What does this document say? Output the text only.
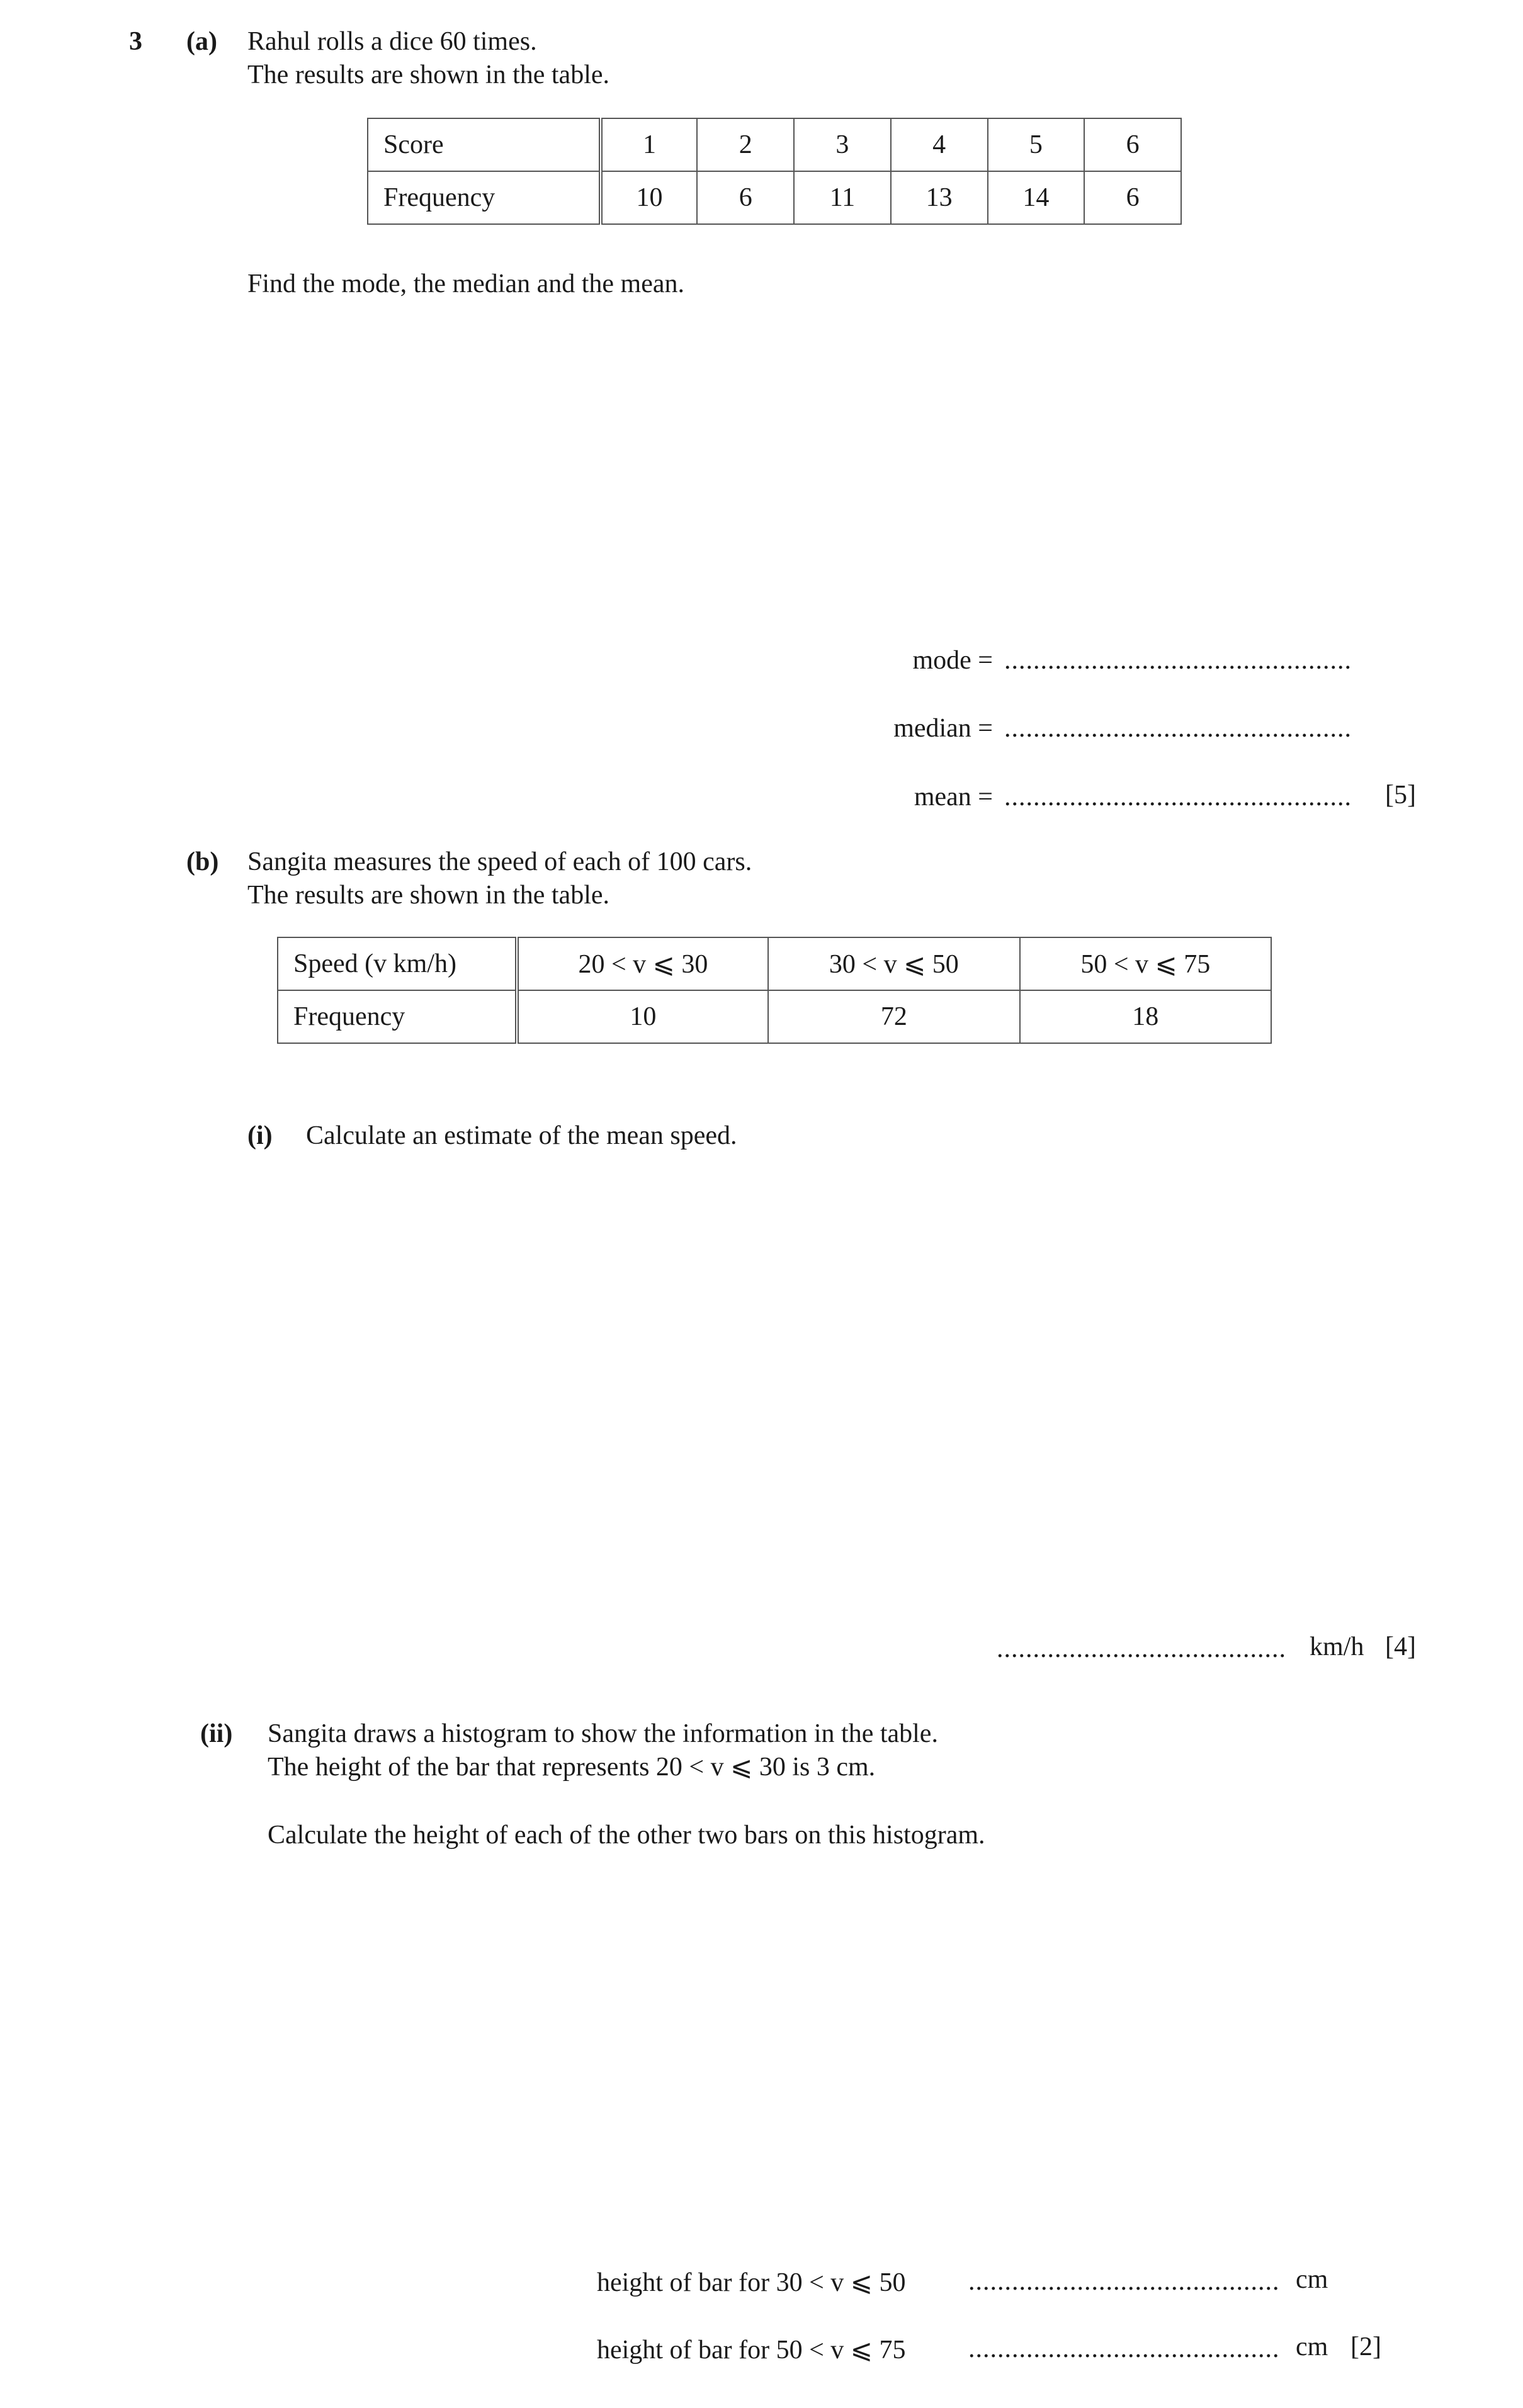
3 (a) Rahul rolls a dice 60 times.
The results are shown in the table.
Score	1	2	3	4	5	6
Frequency	10	6	11	13	14	6
Find the mode, the median and the mean.
mode = ................................................
median = ................................................
mean = ................................................	[5]
(b) Sangita measures the speed of each of 100 cars.
The results are shown in the table.
Speed (v km/h)	20 < v ⩽ 30	30 < v ⩽ 50	50 < v ⩽ 75
Frequency	10	72	18
(i) Calculate an estimate of the mean speed.
........................................ km/h [4]
(ii) Sangita draws a histogram to show the information in the table.
The height of the bar that represents 20 < v ⩽ 30 is 3 cm.
Calculate the height of each of the other two bars on this histogram.
height of bar for 30 < v ⩽ 50 ........................................... cm
height of bar for 50 < v ⩽ 75 ........................................... cm [2]
